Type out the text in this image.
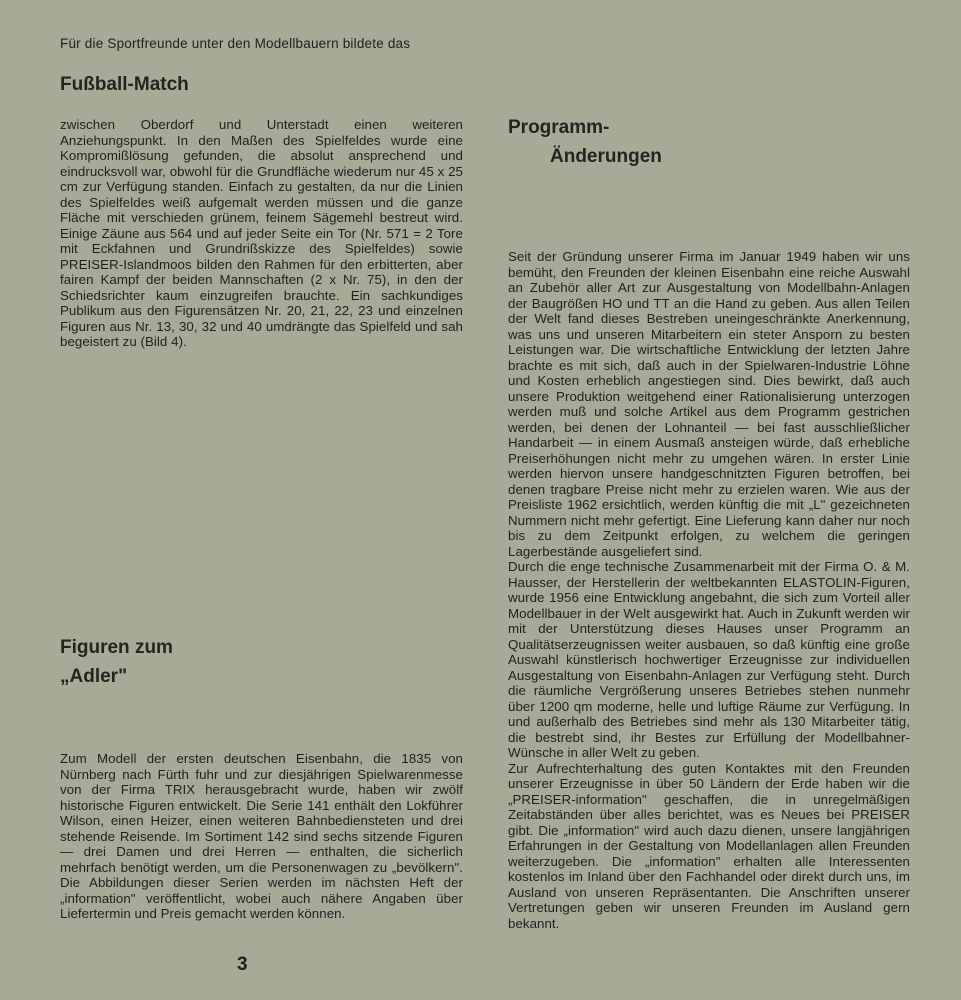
Für die Sportfreunde unter den Modellbauern bildete das
Fußball-Match

zwischen Oberdorf und Unterstadt einen weiteren Anziehungspunkt. In den Maßen des Spielfeldes wurde eine Kompromißlösung gefunden, die absolut ansprechend und eindrucksvoll war, obwohl für die Grundfläche wiederum nur 45 x 25 cm zur Verfügung standen. Einfach zu gestalten, da nur die Linien des Spielfeldes weiß aufgemalt werden müssen und die ganze Fläche mit verschieden grünem, feinem Sägemehl bestreut wird. Einige Zäune aus 564 und auf jeder Seite ein Tor (Nr. 571 = 2 Tore mit Eckfahnen und Grundrißskizze des Spielfeldes) sowie PREISER-Islandmoos bilden den Rahmen für den erbitterten, aber fairen Kampf der beiden Mannschaften (2 x Nr. 75), in den der Schiedsrichter kaum einzugreifen brauchte. Ein sachkundiges Publikum aus den Figurensätzen Nr. 20, 21, 22, 23 und einzelnen Figuren aus Nr. 13, 30, 32 und 40 umdrängte das Spielfeld und sah begeistert zu (Bild 4).

Figuren zum
„Adler"

Zum Modell der ersten deutschen Eisenbahn, die 1835 von Nürnberg nach Fürth fuhr und zur diesjährigen Spielwarenmesse von der Firma TRIX herausgebracht wurde, haben wir zwölf historische Figuren entwickelt. Die Serie 141 enthält den Lokführer Wilson, einen Heizer, einen weiteren Bahnbediensteten und drei stehende Reisende. Im Sortiment 142 sind sechs sitzende Figuren — drei Damen und drei Herren — enthalten, die sicherlich mehrfach benötigt werden, um die Personenwagen zu „bevölkern". Die Abbildungen dieser Serien werden im nächsten Heft der „information" veröffentlicht, wobei auch nähere Angaben über Liefertermin und Preis gemacht werden können.

Programm-
Änderungen

Seit der Gründung unserer Firma im Januar 1949 haben wir uns bemüht, den Freunden der kleinen Eisenbahn eine reiche Auswahl an Zubehör aller Art zur Ausgestaltung von Modellbahn-Anlagen der Baugrößen HO und TT an die Hand zu geben. Aus allen Teilen der Welt fand dieses Bestreben uneingeschränkte Anerkennung, was uns und unseren Mitarbeitern ein steter Ansporn zu besten Leistungen war. Die wirtschaftliche Entwicklung der letzten Jahre brachte es mit sich, daß auch in der Spielwaren-Industrie Löhne und Kosten erheblich angestiegen sind. Dies bewirkt, daß auch unsere Produktion weitgehend einer Rationalisierung unterzogen werden muß und solche Artikel aus dem Programm gestrichen werden, bei denen der Lohnanteil — bei fast ausschließlicher Handarbeit — in einem Ausmaß ansteigen würde, daß erhebliche Preiserhöhungen nicht mehr zu umgehen wären. In erster Linie werden hiervon unsere handgeschnitzten Figuren betroffen, bei denen tragbare Preise nicht mehr zu erzielen waren. Wie aus der Preisliste 1962 ersichtlich, werden künftig die mit „L" gezeichneten Nummern nicht mehr gefertigt. Eine Lieferung kann daher nur noch bis zu dem Zeitpunkt erfolgen, zu welchem die geringen Lagerbestände ausgeliefert sind.
Durch die enge technische Zusammenarbeit mit der Firma O. & M. Hausser, der Herstellerin der weltbekannten ELASTOLIN-Figuren, wurde 1956 eine Entwicklung angebahnt, die sich zum Vorteil aller Modellbauer in der Welt ausgewirkt hat. Auch in Zukunft werden wir mit der Unterstützung dieses Hauses unser Programm an Qualitätserzeugnissen weiter ausbauen, so daß künftig eine große Auswahl künstlerisch hochwertiger Erzeugnisse zur individuellen Ausgestaltung von Eisenbahn-Anlagen zur Verfügung steht. Durch die räumliche Vergrößerung unseres Betriebes stehen nunmehr über 1200 qm moderne, helle und luftige Räume zur Verfügung. In und außerhalb des Betriebes sind mehr als 130 Mitarbeiter tätig, die bestrebt sind, ihr Bestes zur Erfüllung der Modellbahner-Wünsche in aller Welt zu geben.
Zur Aufrechterhaltung des guten Kontaktes mit den Freunden unserer Erzeugnisse in über 50 Ländern der Erde haben wir die „PREISER-information" geschaffen, die in unregelmäßigen Zeitabständen über alles berichtet, was es Neues bei PREISER gibt. Die „information" wird auch dazu dienen, unsere langjährigen Erfahrungen in der Gestaltung von Modellanlagen allen Freunden weiterzugeben. Die „information" erhalten alle Interessenten kostenlos im Inland über den Fachhandel oder direkt durch uns, im Ausland von unseren Repräsentanten. Die Anschriften unserer Vertretungen geben wir unseren Freunden im Ausland gern bekannt.

3
